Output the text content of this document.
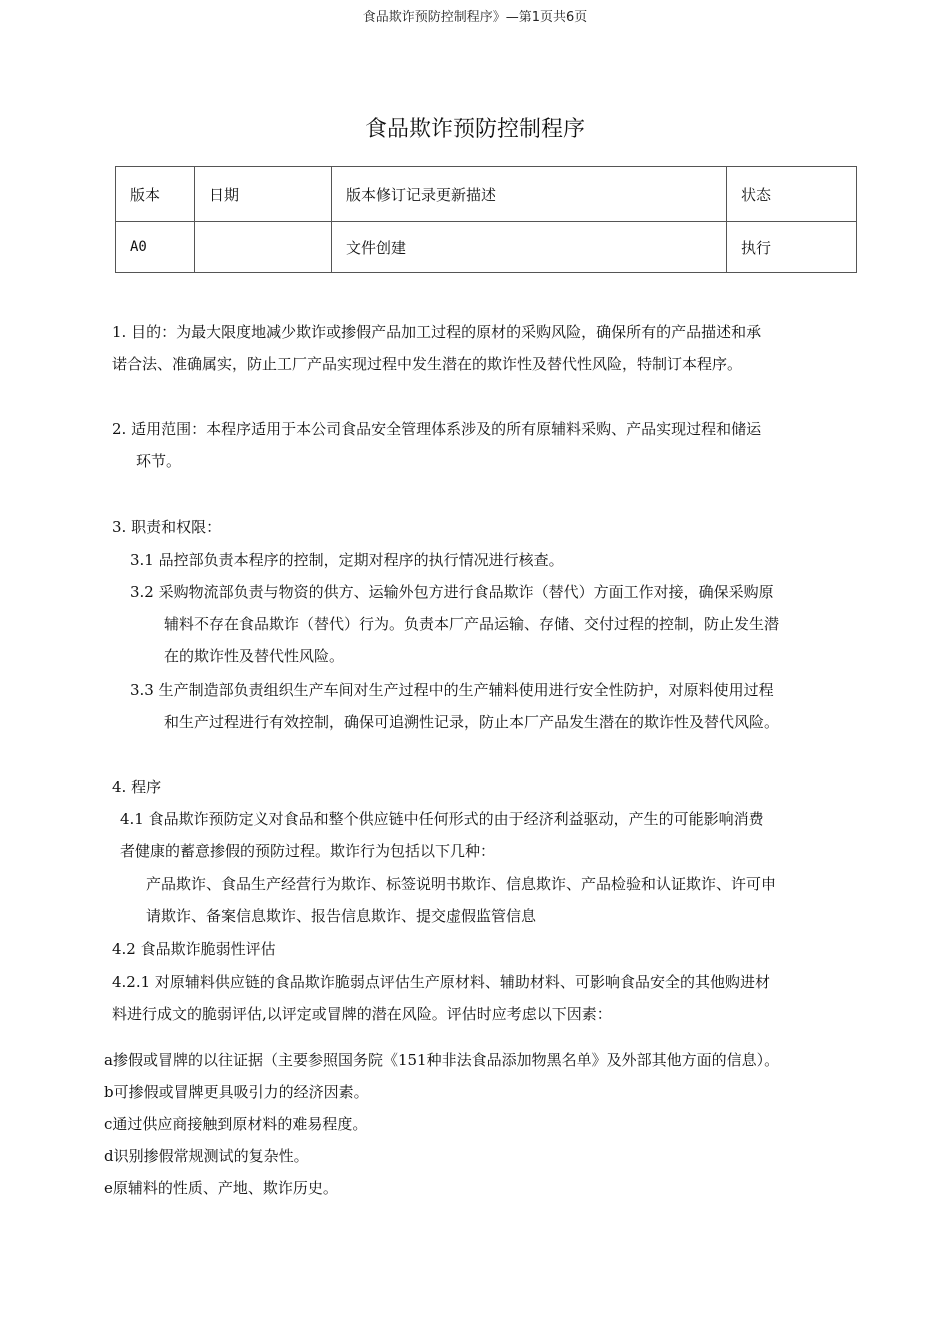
食品欺诈预防控制程序》—第1页共6页
食品欺诈预防控制程序
版本	日期	版本修订记录更新描述	状态
A0		文件创建	执行

1. 目的：为最大限度地减少欺诈或掺假产品加工过程的原材的采购风险，确保所有的产品描述和承

诺合法、准确属实，防止工厂产品实现过程中发生潜在的欺诈性及替代性风险，特制订本程序。

2. 适用范围：本程序适用于本公司食品安全管理体系涉及的所有原辅料采购、产品实现过程和储运

环节。

3. 职责和权限：
3.1 品控部负责本程序的控制，定期对程序的执行情况进行核查。

3.2 采购物流部负责与物资的供方、运输外包方进行食品欺诈（替代）方面工作对接，确保采购原

辅料不存在食品欺诈（替代）行为。负责本厂产品运输、存储、交付过程的控制，防止发生潜

在的欺诈性及替代性风险。

3.3 生产制造部负责组织生产车间对生产过程中的生产辅料使用进行安全性防护，对原料使用过程

和生产过程进行有效控制，确保可追溯性记录，防止本厂产品发生潜在的欺诈性及替代风险。

4. 程序

4.1 食品欺诈预防定义对食品和整个供应链中任何形式的由于经济利益驱动，产生的可能影响消费

者健康的蓄意掺假的预防过程。欺诈行为包括以下几种：

产品欺诈、食品生产经营行为欺诈、标签说明书欺诈、信息欺诈、产品检验和认证欺诈、许可申

请欺诈、备案信息欺诈、报告信息欺诈、提交虚假监管信息

4.2 食品欺诈脆弱性评估

4.2.1 对原辅料供应链的食品欺诈脆弱点评估生产原材料、辅助材料、可影响食品安全的其他购进材

料进行成文的脆弱评估,以评定或冒牌的潜在风险。评估时应考虑以下因素：

a掺假或冒牌的以往证据（主要参照国务院《151种非法食品添加物黑名单》及外部其他方面的信息）。

b可掺假或冒牌更具吸引力的经济因素。

c通过供应商接触到原材料的难易程度。

d识别掺假常规测试的复杂性。

e原辅料的性质、产地、欺诈历史。
